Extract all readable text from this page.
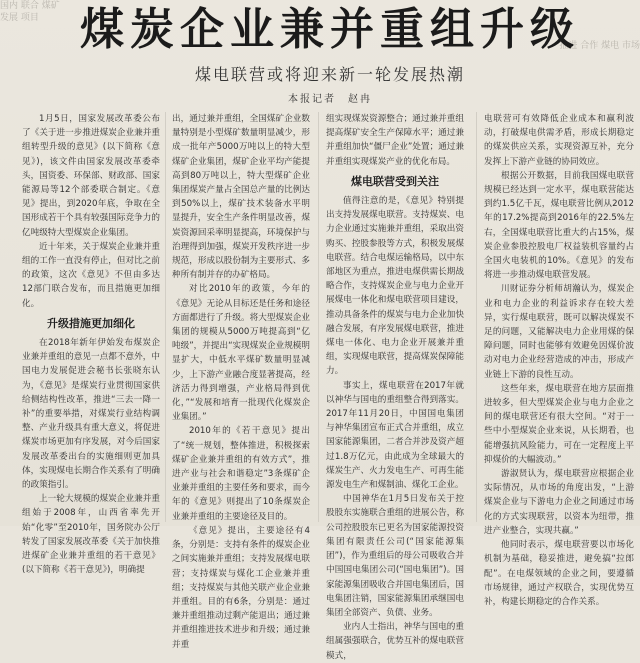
国内 联合 煤矿 发展 项目
推进 合作 煤电 市场
煤炭企业兼并重组升级
煤电联营或将迎来新一轮发展热潮
本报记者　赵冉

1月5日，国家发展改革委公布了《关于进一步推进煤炭企业兼并重组转型升级的意见》(以下简称《意见》)，该文件由国家发展改革委牵头，国资委、环保部、财政部、国家能源局等12个部委联合制定。《意见》提出，到2020年底，争取在全国形成若干个具有较强国际竞争力的亿吨级特大型煤炭企业集团。

近十年来，关于煤炭企业兼并重组的工作一直没有停止，但对比之前的政策，这次《意见》不但由多达12部门联合发布，而且措施更加细化。

升级措施更加细化

在2018年新年伊始发布煤炭企业兼并重组的意见一点都不意外，中国电力发展促进会秘书长张晓东认为，《意见》是煤炭行业贯彻国家供给侧结构性改革，推进“三去一降一补”的重要举措，对煤炭行业结构调整、产业升级具有重大意义，将促进煤炭市场更加有序发展，对今后国家发展改革委出台的实施细则更加具体，实现煤电长期合作关系有了明确的政策指引。

上一轮大规模的煤炭企业兼并重组始于2008年，山西省率先开始“化零”至2010年，国务院办公厅转发了国家发展改革委《关于加快推进煤矿企业兼并重组的若干意见》(以下简称《若干意见》)，明确提

出，通过兼并重组，全国煤矿企业数量特别是小型煤矿数量明显减少，形成一批年产5000万吨以上的特大型煤矿企业集团，煤矿企业平均产能提高到80万吨以上，特大型煤矿企业集团煤炭产量占全国总产量的比例达到50%以上，煤矿技术装备水平明显提升，安全生产条件明显改善，煤炭资源回采率明显提高，环境保护与治理得到加强，煤炭开发秩序进一步规范，形成以股份制为主要形式、多种所有制并存的办矿格局。

对比2010年的政策，今年的《意见》无论从目标还是任务和途径方面都进行了升级。将大型煤炭企业集团的规模从5000万吨提高到“亿吨级”，并提出“实现煤炭企业规模明显扩大，中低水平煤矿数量明显减少，上下游产业融合度显著提高，经济活力得到增强，产业格局得到优化，”“发展和培育一批现代化煤炭企业集团。”

2010年的《若干意见》提出了“统一规划，整体推进，积极探索煤矿企业兼并重组的有效方式”，推进产业与社会和谐稳定”3条煤矿企业兼并重组的主要任务和要求，而今年的《意见》则提出了10条煤炭企业兼并重组的主要途径及目的。

《意见》提出，主要途径有4条，分别是：支持有条件的煤炭企业之间实施兼并重组；支持发展煤电联营；支持煤炭与煤化工企业兼并重组；支持煤炭与其他关联产业企业兼并重组。目的有6条，分别是：通过兼并重组推动过剩产能退出；通过兼并重组推进技术进步和升级；通过兼并重

组实现煤炭资源整合；通过兼并重组提高煤矿安全生产保障水平；通过兼并重组加快“僵尸企业”处置；通过兼并重组实现煤炭产业的优化布局。

煤电联营受到关注

值得注意的是，《意见》特别提出支持发展煤电联营。支持煤炭、电力企业通过实施兼并重组，采取出资购买、控股参股等方式，积极发展煤电联营。结合电煤运输格局，以中东部地区为重点，推进电煤供需长期战略合作，支持煤炭企业与电力企业开展煤电一体化和煤电联营项目建设，推动具备条件的煤炭与电力企业加快融合发展，有序发展煤电联营，推进煤电一体化、电力企业开展兼并重组，实现煤电联营，提高煤炭保障能力。

事实上，煤电联营在2017年就以神华与国电的重组整合得到落实。2017年11月20日，中国国电集团与神华集团宣布正式合并重组，成立国家能源集团，二者合并涉及资产超过1.8万亿元，由此成为全球最大的煤炭生产、火力发电生产、可再生能源发电生产和煤制油、煤化工企业。

中国神华在1月5日发布关于控股股东实施联合重组的进展公告，称公司控股股东已更名为国家能源投资集团有限责任公司(“国家能源集团”)，作为重组后的母公司吸收合并中国国电集团公司(“国电集团”)。国家能源集团吸收合并国电集团后，国电集团注销，国家能源集团承继国电集团全部资产、负债、业务。

业内人士指出，神华与国电的重组属强强联合，优势互补的煤电联营模式，

电联营可有效降低企业成本和赢利波动，打破煤电供需矛盾，形成长期稳定的煤炭供应关系，实现资源互补，充分发挥上下游产业链的协同效应。

根据公开数据，目前我国煤电联营规模已经达到一定水平，煤电联营能达到约1.5亿千瓦，煤电联营比例从2012年的17.2%提高到2016年的22.5%左右，全国煤电联营比重大约占15%，煤炭企业参股控股电厂权益装机容量约占全国火电装机的10%。《意见》的发布将进一步推动煤电联营发展。

川财证券分析师胡瀚认为，煤炭企业和电力企业的利益诉求存在较大差异，实行煤电联营，既可以解决煤炭不足的问题，又能解决电力企业用煤的保障问题，同时也能够有效避免因煤价波动对电力企业经营造成的冲击，形成产业链上下游的良性互动。

这些年来，煤电联营在地方层面推进较多，但大型煤炭企业与电力企业之间的煤电联营还有很大空间。“对于一些中小型煤炭企业来说，从长期看，也能增强抗风险能力，可在一定程度上平抑煤价的大幅波动。”

游淑贤认为，煤电联营应根据企业实际情况，从市场的角度出发，“上游煤炭企业与下游电力企业之间通过市场化的方式实现联营，以资本为纽带，推进产业整合，实现共赢。”

他同时表示，煤电联营要以市场化机制为基础，稳妥推进，避免搞“拉郎配”。在电煤领域的企业之间，要遵循市场规律，通过产权联合，实现优势互补，构建长期稳定的合作关系。
